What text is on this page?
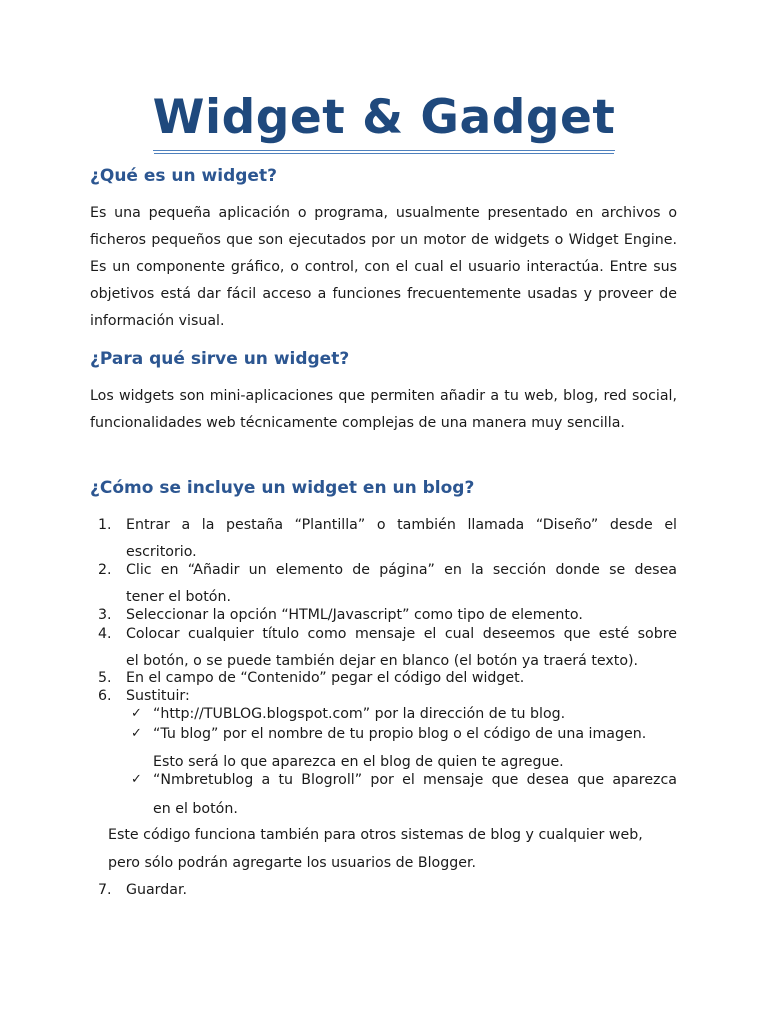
Widget & Gadget
¿Qué es un widget?

Es una pequeña aplicación o programa, usualmente presentado en archivos o ficheros pequeños que son ejecutados por un motor de widgets o Widget Engine. Es un componente gráfico, o control, con el cual el usuario interactúa. Entre sus objetivos está dar fácil acceso a funciones frecuentemente usadas y proveer de información visual.

¿Para qué sirve un widget?

Los widgets son mini-aplicaciones que permiten añadir a tu web, blog, red social, funcionalidades web técnicamente complejas de una manera muy sencilla.

¿Cómo se incluye un widget en un blog?
1. Entrar a la pestaña “Plantilla” o también llamada “Diseño” desde el
escritorio.
2. Clic en “Añadir un elemento de página” en la sección donde se desea
tener el botón.
3. Seleccionar la opción “HTML/Javascript” como tipo de elemento.
4. Colocar cualquier título como mensaje el cual deseemos que esté sobre
el botón, o se puede también dejar en blanco (el botón ya traerá texto).
5. En el campo de “Contenido” pegar el código del widget.
6. Sustituir:
✓ “http://TUBLOG.blogspot.com” por la dirección de tu blog.
✓ “Tu blog” por el nombre de tu propio blog o el código de una imagen.
Esto será lo que aparezca en el blog de quien te agregue.
✓ “Nmbretublog a tu Blogroll” por el mensaje que desea que aparezca
en el botón.
Este código funciona también para otros sistemas de blog y cualquier web,
pero sólo podrán agregarte los usuarios de Blogger.
7. Guardar.
